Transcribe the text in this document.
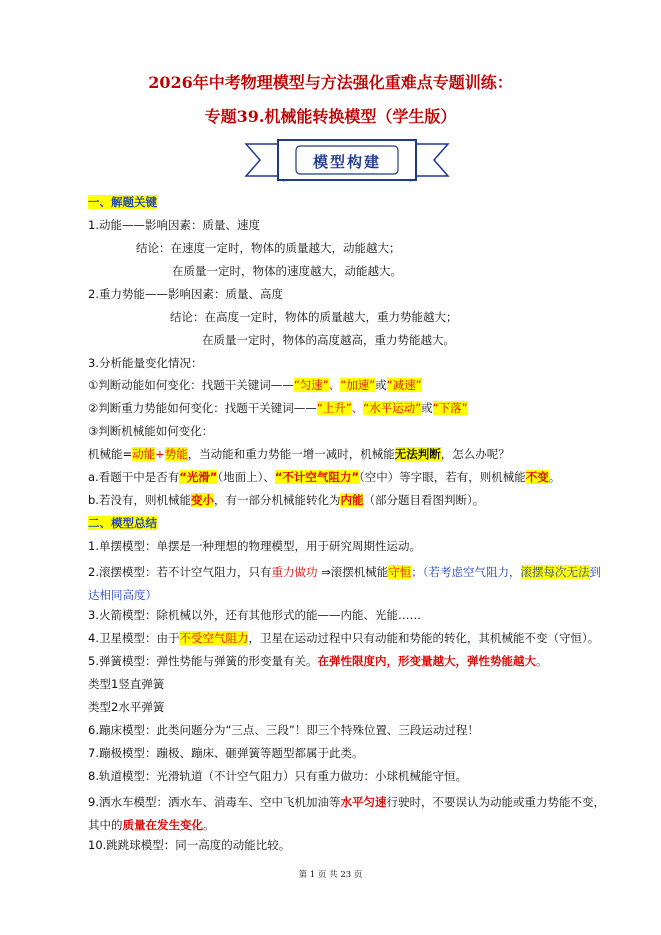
2026年中考物理模型与方法强化重难点专题训练：
专题39.机械能转换模型（学生版）
模型构建
一、解题关键
1.动能——影响因素：质量、速度
结论：在速度一定时，物体的质量越大，动能越大；
在质量一定时，物体的速度越大，动能越大。
2.重力势能——影响因素：质量、高度
结论：在高度一定时，物体的质量越大，重力势能越大；
在质量一定时，物体的高度越高，重力势能越大。
3.分析能量变化情况：
①判断动能如何变化：找题干关键词——“匀速”、“加速”或“减速”
②判断重力势能如何变化：找题干关键词——“上升”、“水平运动”或“下落”
③判断机械能如何变化：
机械能=动能+势能，当动能和重力势能一增一减时，机械能无法判断，怎么办呢？
a.看题干中是否有“光滑”（地面上）、“不计空气阻力”（空中）等字眼，若有，则机械能不变。
b.若没有，则机械能变小，有一部分机械能转化为内能（部分题目看图判断）。
二、模型总结
1.单摆模型：单摆是一种理想的物理模型，用于研究周期性运动。
2.滚摆模型：若不计空气阻力，只有重力做功 ⇒滚摆机械能守恒；（若考虑空气阻力，滚摆每次无法到达相同高度）
3.火箭模型：除机械以外，还有其他形式的能——内能、光能……
4.卫星模型：由于不受空气阻力，卫星在运动过程中只有动能和势能的转化，其机械能不变（守恒）。
5.弹簧模型：弹性势能与弹簧的形变量有关。在弹性限度内，形变量越大，弹性势能越大。
类型1竖直弹簧
类型2水平弹簧
6.蹦床模型：此类问题分为“三点、三段”！即三个特殊位置、三段运动过程！
7.蹦极模型：蹦极、蹦床、砸弹簧等题型都属于此类。
8.轨道模型：光滑轨道（不计空气阻力）只有重力做功：小球机械能守恒。
9.洒水车模型：洒水车、消毒车、空中飞机加油等水平匀速行驶时，不要误认为动能或重力势能不变，其中的质量在发生变化。
10.跳跳球模型：同一高度的动能比较。
第 1 页 共 23 页
